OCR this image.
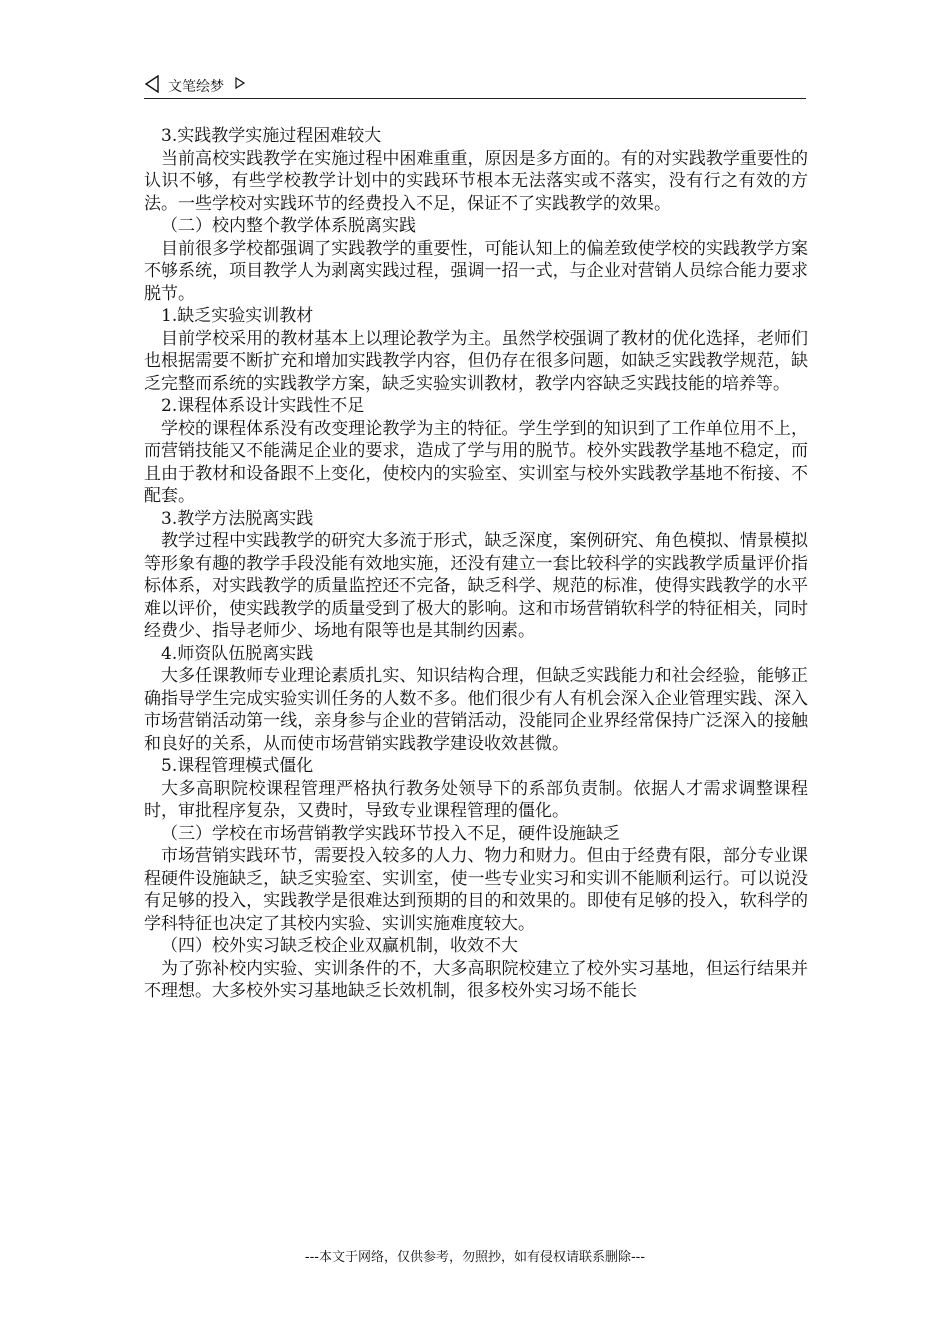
文笔绘梦

3.实践教学实施过程困难较大

当前高校实践教学在实施过程中困难重重，原因是多方面的。有的对实践教学重要性的认识不够，有些学校教学计划中的实践环节根本无法落实或不落实，没有行之有效的方法。一些学校对实践环节的经费投入不足，保证不了实践教学的效果。

（二）校内整个教学体系脱离实践

目前很多学校都强调了实践教学的重要性，可能认知上的偏差致使学校的实践教学方案不够系统，项目教学人为剥离实践过程，强调一招一式，与企业对营销人员综合能力要求脱节。

1.缺乏实验实训教材

目前学校采用的教材基本上以理论教学为主。虽然学校强调了教材的优化选择，老师们也根据需要不断扩充和增加实践教学内容，但仍存在很多问题，如缺乏实践教学规范，缺乏完整而系统的实践教学方案，缺乏实验实训教材，教学内容缺乏实践技能的培养等。

2.课程体系设计实践性不足

学校的课程体系没有改变理论教学为主的特征。学生学到的知识到了工作单位用不上，而营销技能又不能满足企业的要求，造成了学与用的脱节。校外实践教学基地不稳定，而且由于教材和设备跟不上变化，使校内的实验室、实训室与校外实践教学基地不衔接、不配套。

3.教学方法脱离实践

教学过程中实践教学的研究大多流于形式，缺乏深度，案例研究、角色模拟、情景模拟等形象有趣的教学手段没能有效地实施，还没有建立一套比较科学的实践教学质量评价指标体系，对实践教学的质量监控还不完备，缺乏科学、规范的标准，使得实践教学的水平难以评价，使实践教学的质量受到了极大的影响。这和市场营销软科学的特征相关，同时经费少、指导老师少、场地有限等也是其制约因素。

4.师资队伍脱离实践

大多任课教师专业理论素质扎实、知识结构合理，但缺乏实践能力和社会经验，能够正确指导学生完成实验实训任务的人数不多。他们很少有人有机会深入企业管理实践、深入市场营销活动第一线，亲身参与企业的营销活动，没能同企业界经常保持广泛深入的接触和良好的关系，从而使市场营销实践教学建设收效甚微。

5.课程管理模式僵化

大多高职院校课程管理严格执行教务处领导下的系部负责制。依据人才需求调整课程时，审批程序复杂，又费时，导致专业课程管理的僵化。

（三）学校在市场营销教学实践环节投入不足，硬件设施缺乏

市场营销实践环节，需要投入较多的人力、物力和财力。但由于经费有限，部分专业课程硬件设施缺乏，缺乏实验室、实训室，使一些专业实习和实训不能顺利运行。可以说没有足够的投入，实践教学是很难达到预期的目的和效果的。即使有足够的投入，软科学的学科特征也决定了其校内实验、实训实施难度较大。

（四）校外实习缺乏校企业双赢机制，收效不大

为了弥补校内实验、实训条件的不，大多高职院校建立了校外实习基地，但运行结果并不理想。大多校外实习基地缺乏长效机制，很多校外实习场不能长

---本文于网络，仅供参考，勿照抄，如有侵权请联系删除---
